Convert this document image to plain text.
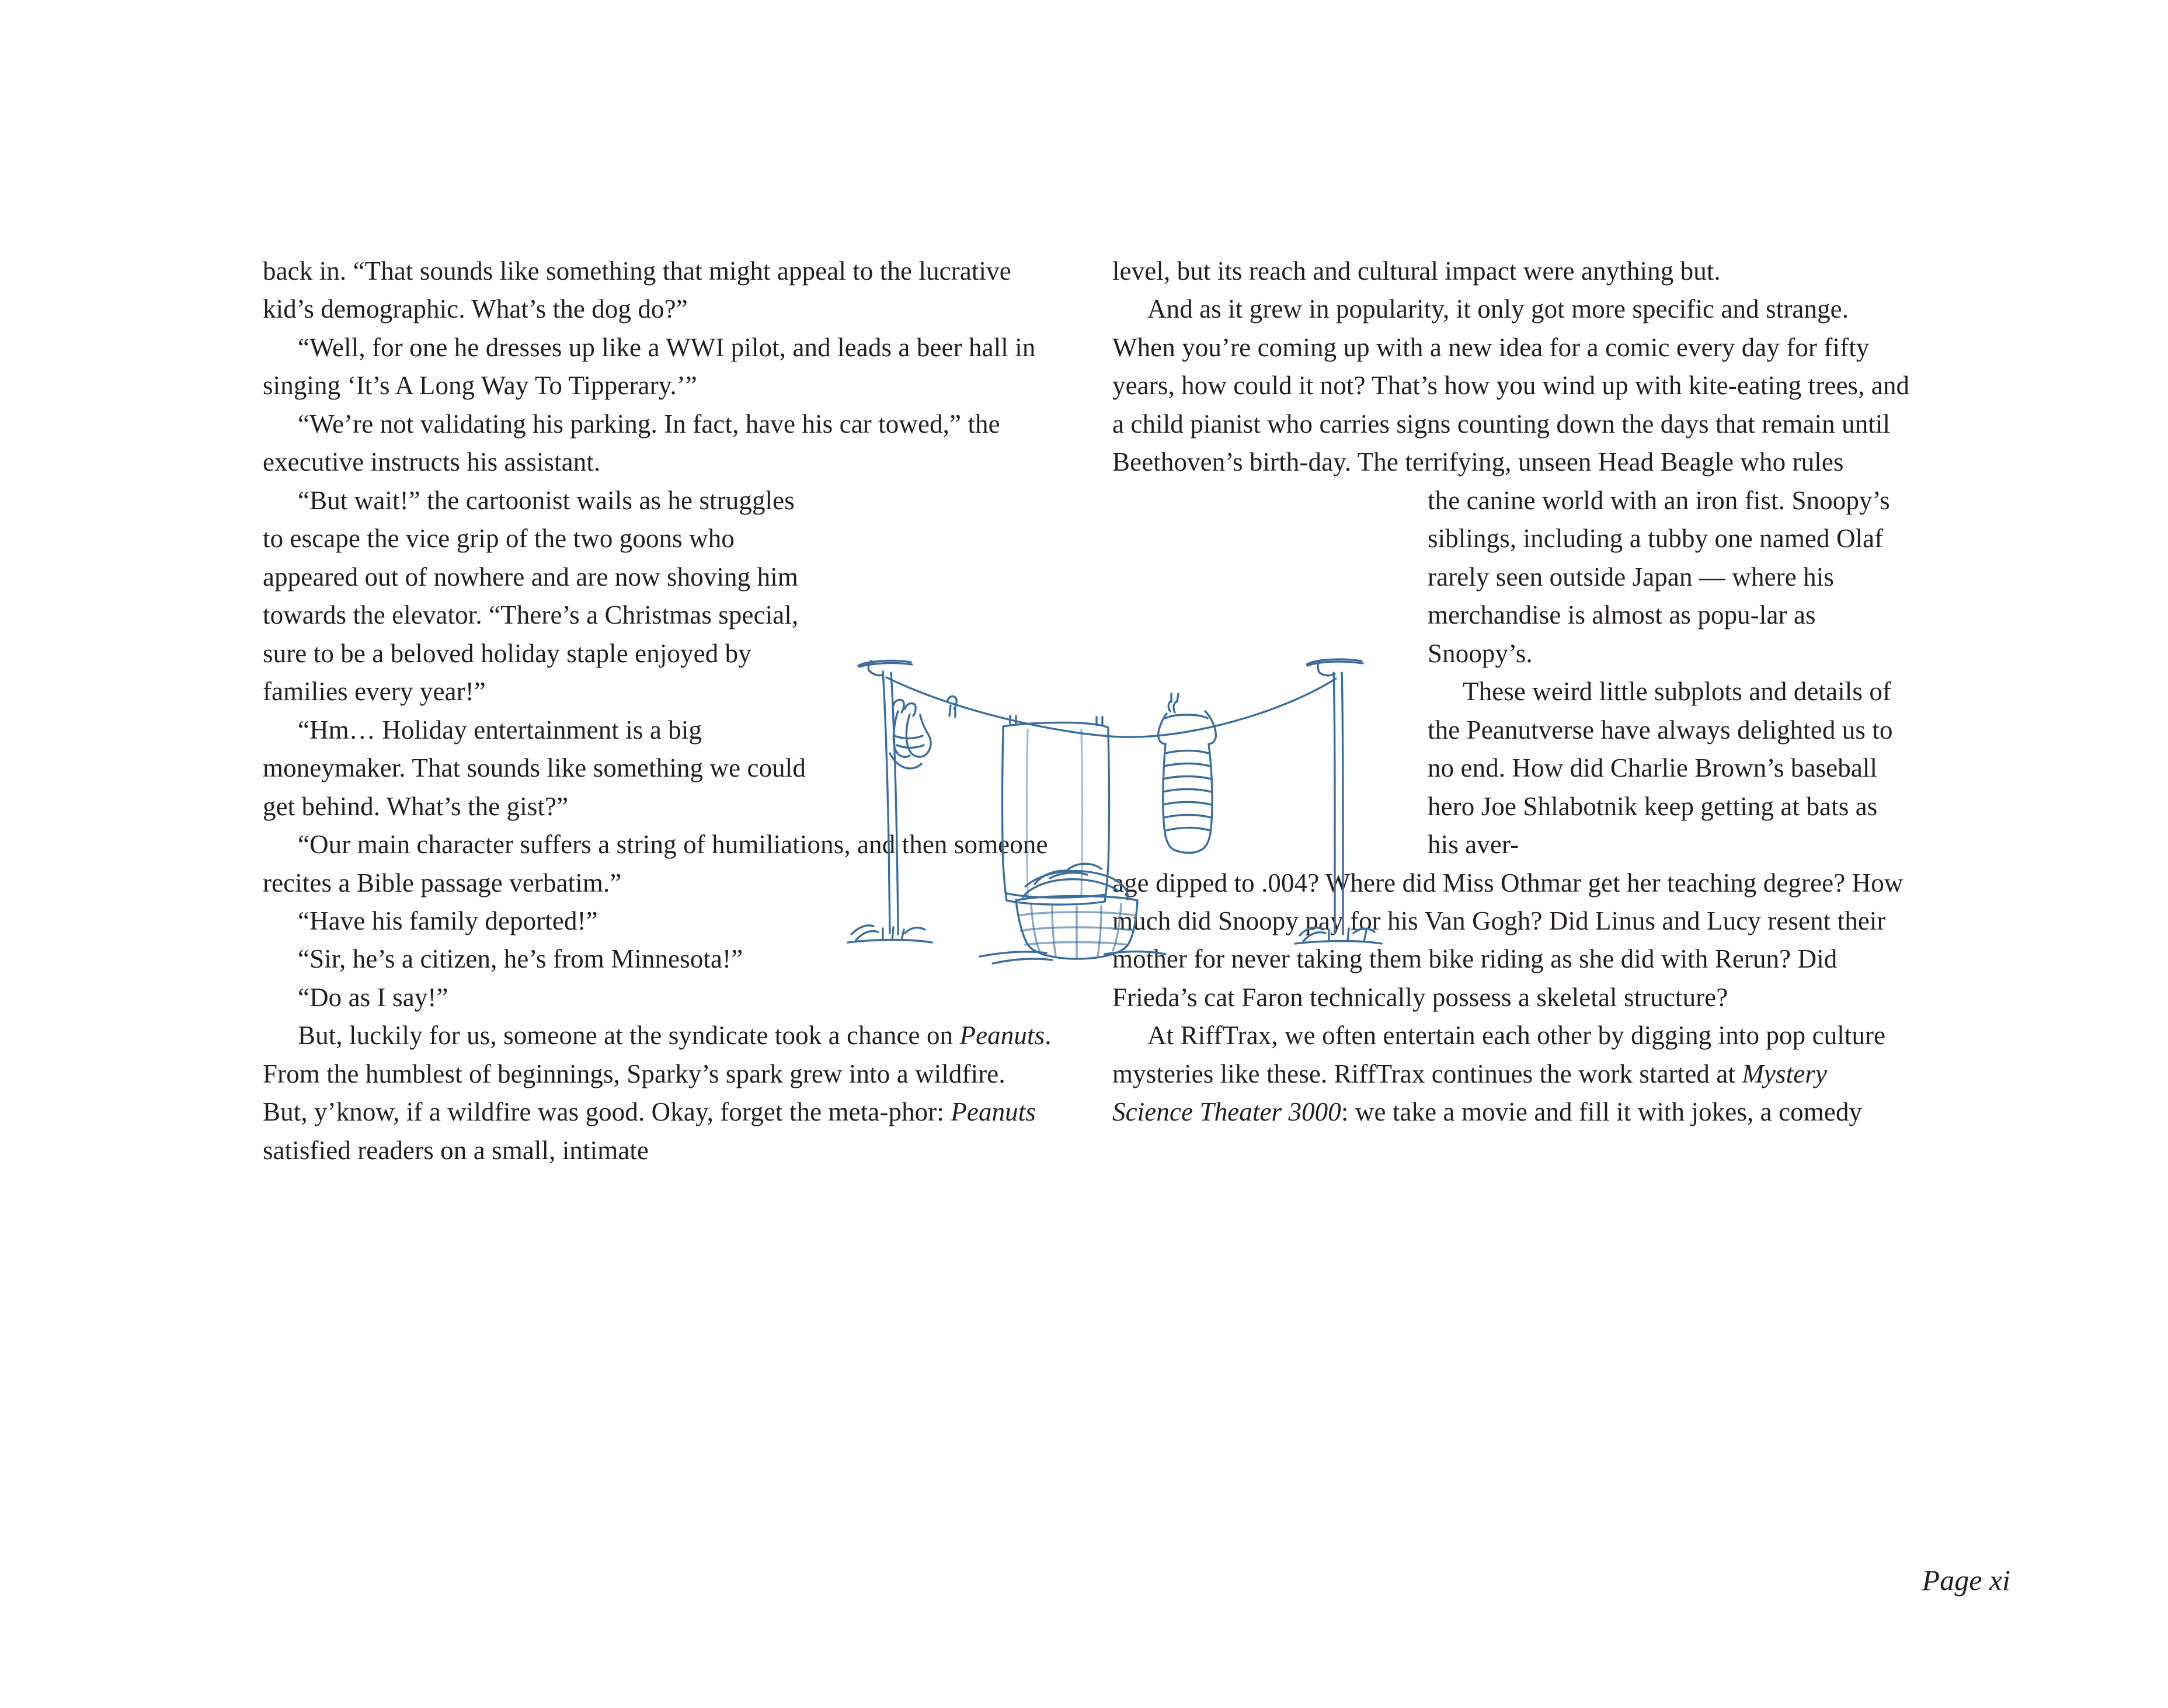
back in. “That sounds like something that might appeal to the lucrative kid’s demographic. What’s the dog do?”

“Well, for one he dresses up like a WWI pilot, and leads a beer hall in singing ‘It’s A Long Way To Tipperary.’”

“We’re not validating his parking. In fact, have his car towed,” the executive instructs his assistant.

“But wait!” the cartoonist wails as he struggles to escape the vice grip of the two goons who appeared out of nowhere and are now shoving him towards the elevator. “There’s a Christmas special, sure to be a beloved holiday staple enjoyed by families every year!”

“Hm… Holiday entertainment is a big moneymaker. That sounds like something we could get behind. What’s the gist?”

“Our main character suffers a string of humiliations, and then someone recites a Bible passage verbatim.”

“Have his family deported!”

“Sir, he’s a citizen, he’s from Minnesota!”

“Do as I say!”

But, luckily for us, someone at the syndicate took a chance on Peanuts. From the humblest of beginnings, Sparky’s spark grew into a wildfire. But, y’know, if a wildfire was good. Okay, forget the meta-phor: Peanuts satisfied readers on a small, intimate

level, but its reach and cultural impact were anything but.

And as it grew in popularity, it only got more specific and strange. When you’re coming up with a new idea for a comic every day for fifty years, how could it not? That’s how you wind up with kite-eating trees, and a child pianist who carries signs counting down the days that remain until Beethoven’s birth-day. The terrifying, unseen Head Beagle who rules

the canine world with an iron fist. Snoopy’s siblings, including a tubby one named Olaf rarely seen outside Japan — where his merchandise is almost as popu-lar as Snoopy’s.

These weird little subplots and details of the Peanutverse have always delighted us to no end. How did Charlie Brown’s baseball hero Joe Shlabotnik keep getting at bats as his aver-

age dipped to .004? Where did Miss Othmar get her teaching degree? How much did Snoopy pay for his Van Gogh? Did Linus and Lucy resent their mother for never taking them bike riding as she did with Rerun? Did Frieda’s cat Faron technically possess a skeletal structure?

At RiffTrax, we often entertain each other by digging into pop culture mysteries like these. RiffTrax continues the work started at Mystery Science Theater 3000: we take a movie and fill it with jokes, a comedy

Page xi
